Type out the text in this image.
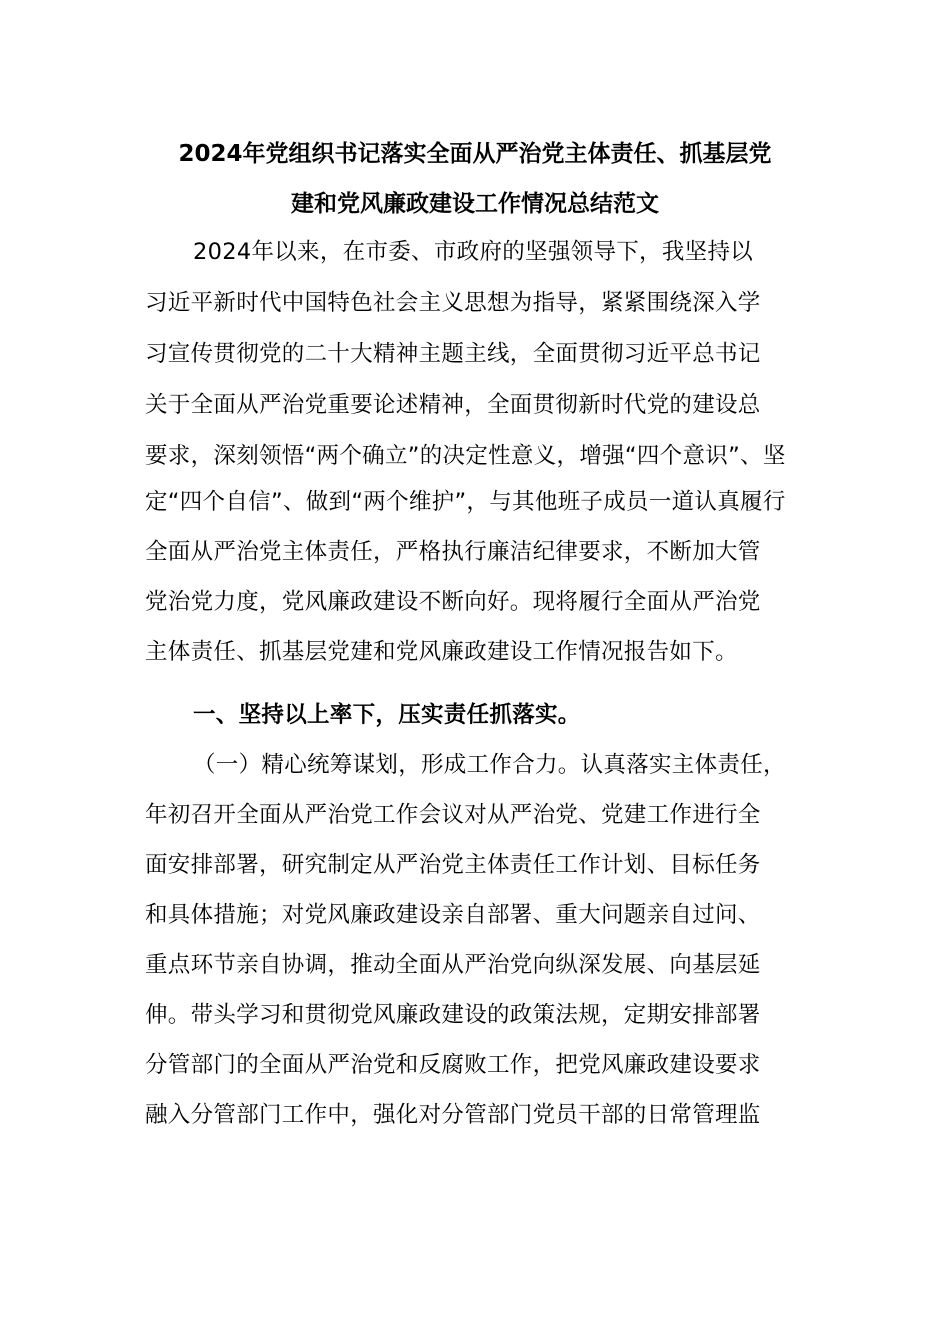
2024年党组织书记落实全面从严治党主体责任、抓基层党
建和党风廉政建设工作情况总结范文
2024年以来，在市委、市政府的坚强领导下，我坚持以
习近平新时代中国特色社会主义思想为指导，紧紧围绕深入学
习宣传贯彻党的二十大精神主题主线，全面贯彻习近平总书记
关于全面从严治党重要论述精神，全面贯彻新时代党的建设总
要求，深刻领悟“两个确立”的决定性意义，增强“四个意识”、坚
定“四个自信”、做到“两个维护”，与其他班子成员一道认真履行
全面从严治党主体责任，严格执行廉洁纪律要求，不断加大管
党治党力度，党风廉政建设不断向好。现将履行全面从严治党
主体责任、抓基层党建和党风廉政建设工作情况报告如下。
一、坚持以上率下，压实责任抓落实。
（一）精心统筹谋划，形成工作合力。认真落实主体责任，
年初召开全面从严治党工作会议对从严治党、党建工作进行全
面安排部署，研究制定从严治党主体责任工作计划、目标任务
和具体措施；对党风廉政建设亲自部署、重大问题亲自过问、
重点环节亲自协调，推动全面从严治党向纵深发展、向基层延
伸。带头学习和贯彻党风廉政建设的政策法规，定期安排部署
分管部门的全面从严治党和反腐败工作，把党风廉政建设要求
融入分管部门工作中，强化对分管部门党员干部的日常管理监
